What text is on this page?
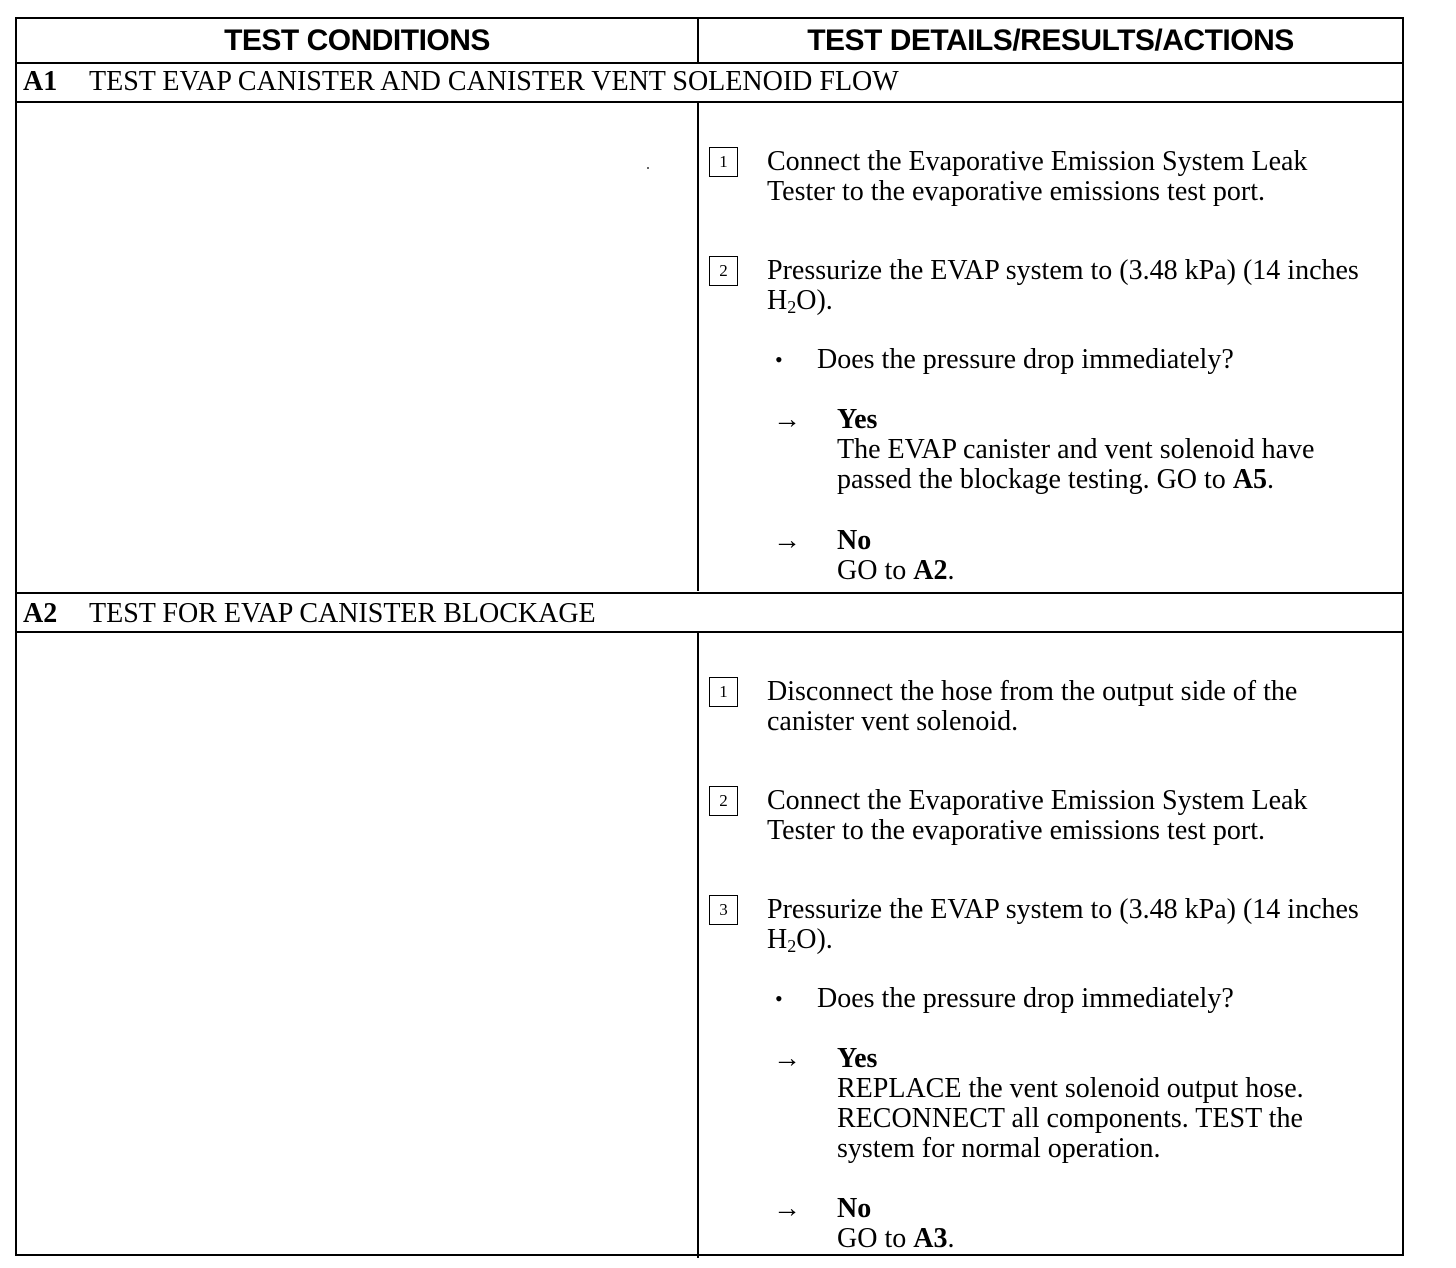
TEST CONDITIONS	TEST DETAILS/RESULTS/ACTIONS
A1 TEST EVAP CANISTER AND CANISTER VENT SOLENOID FLOW
1	Connect the Evaporative Emission System Leak Tester to the evaporative emissions test port.
2	Pressurize the EVAP system to (3.48 kPa) (14 inches $H_2O$).
• Does the pressure drop immediately?
→ Yes
The EVAP canister and vent solenoid have passed the blockage testing. GO to A5.
→ No
GO to A2.
A2 TEST FOR EVAP CANISTER BLOCKAGE
1	Disconnect the hose from the output side of the canister vent solenoid.
2	Connect the Evaporative Emission System Leak Tester to the evaporative emissions test port.
3	Pressurize the EVAP system to (3.48 kPa) (14 inches $H_2O$).
• Does the pressure drop immediately?
→ Yes
REPLACE the vent solenoid output hose. RECONNECT all components. TEST the system for normal operation.
→ No
GO to A3.
